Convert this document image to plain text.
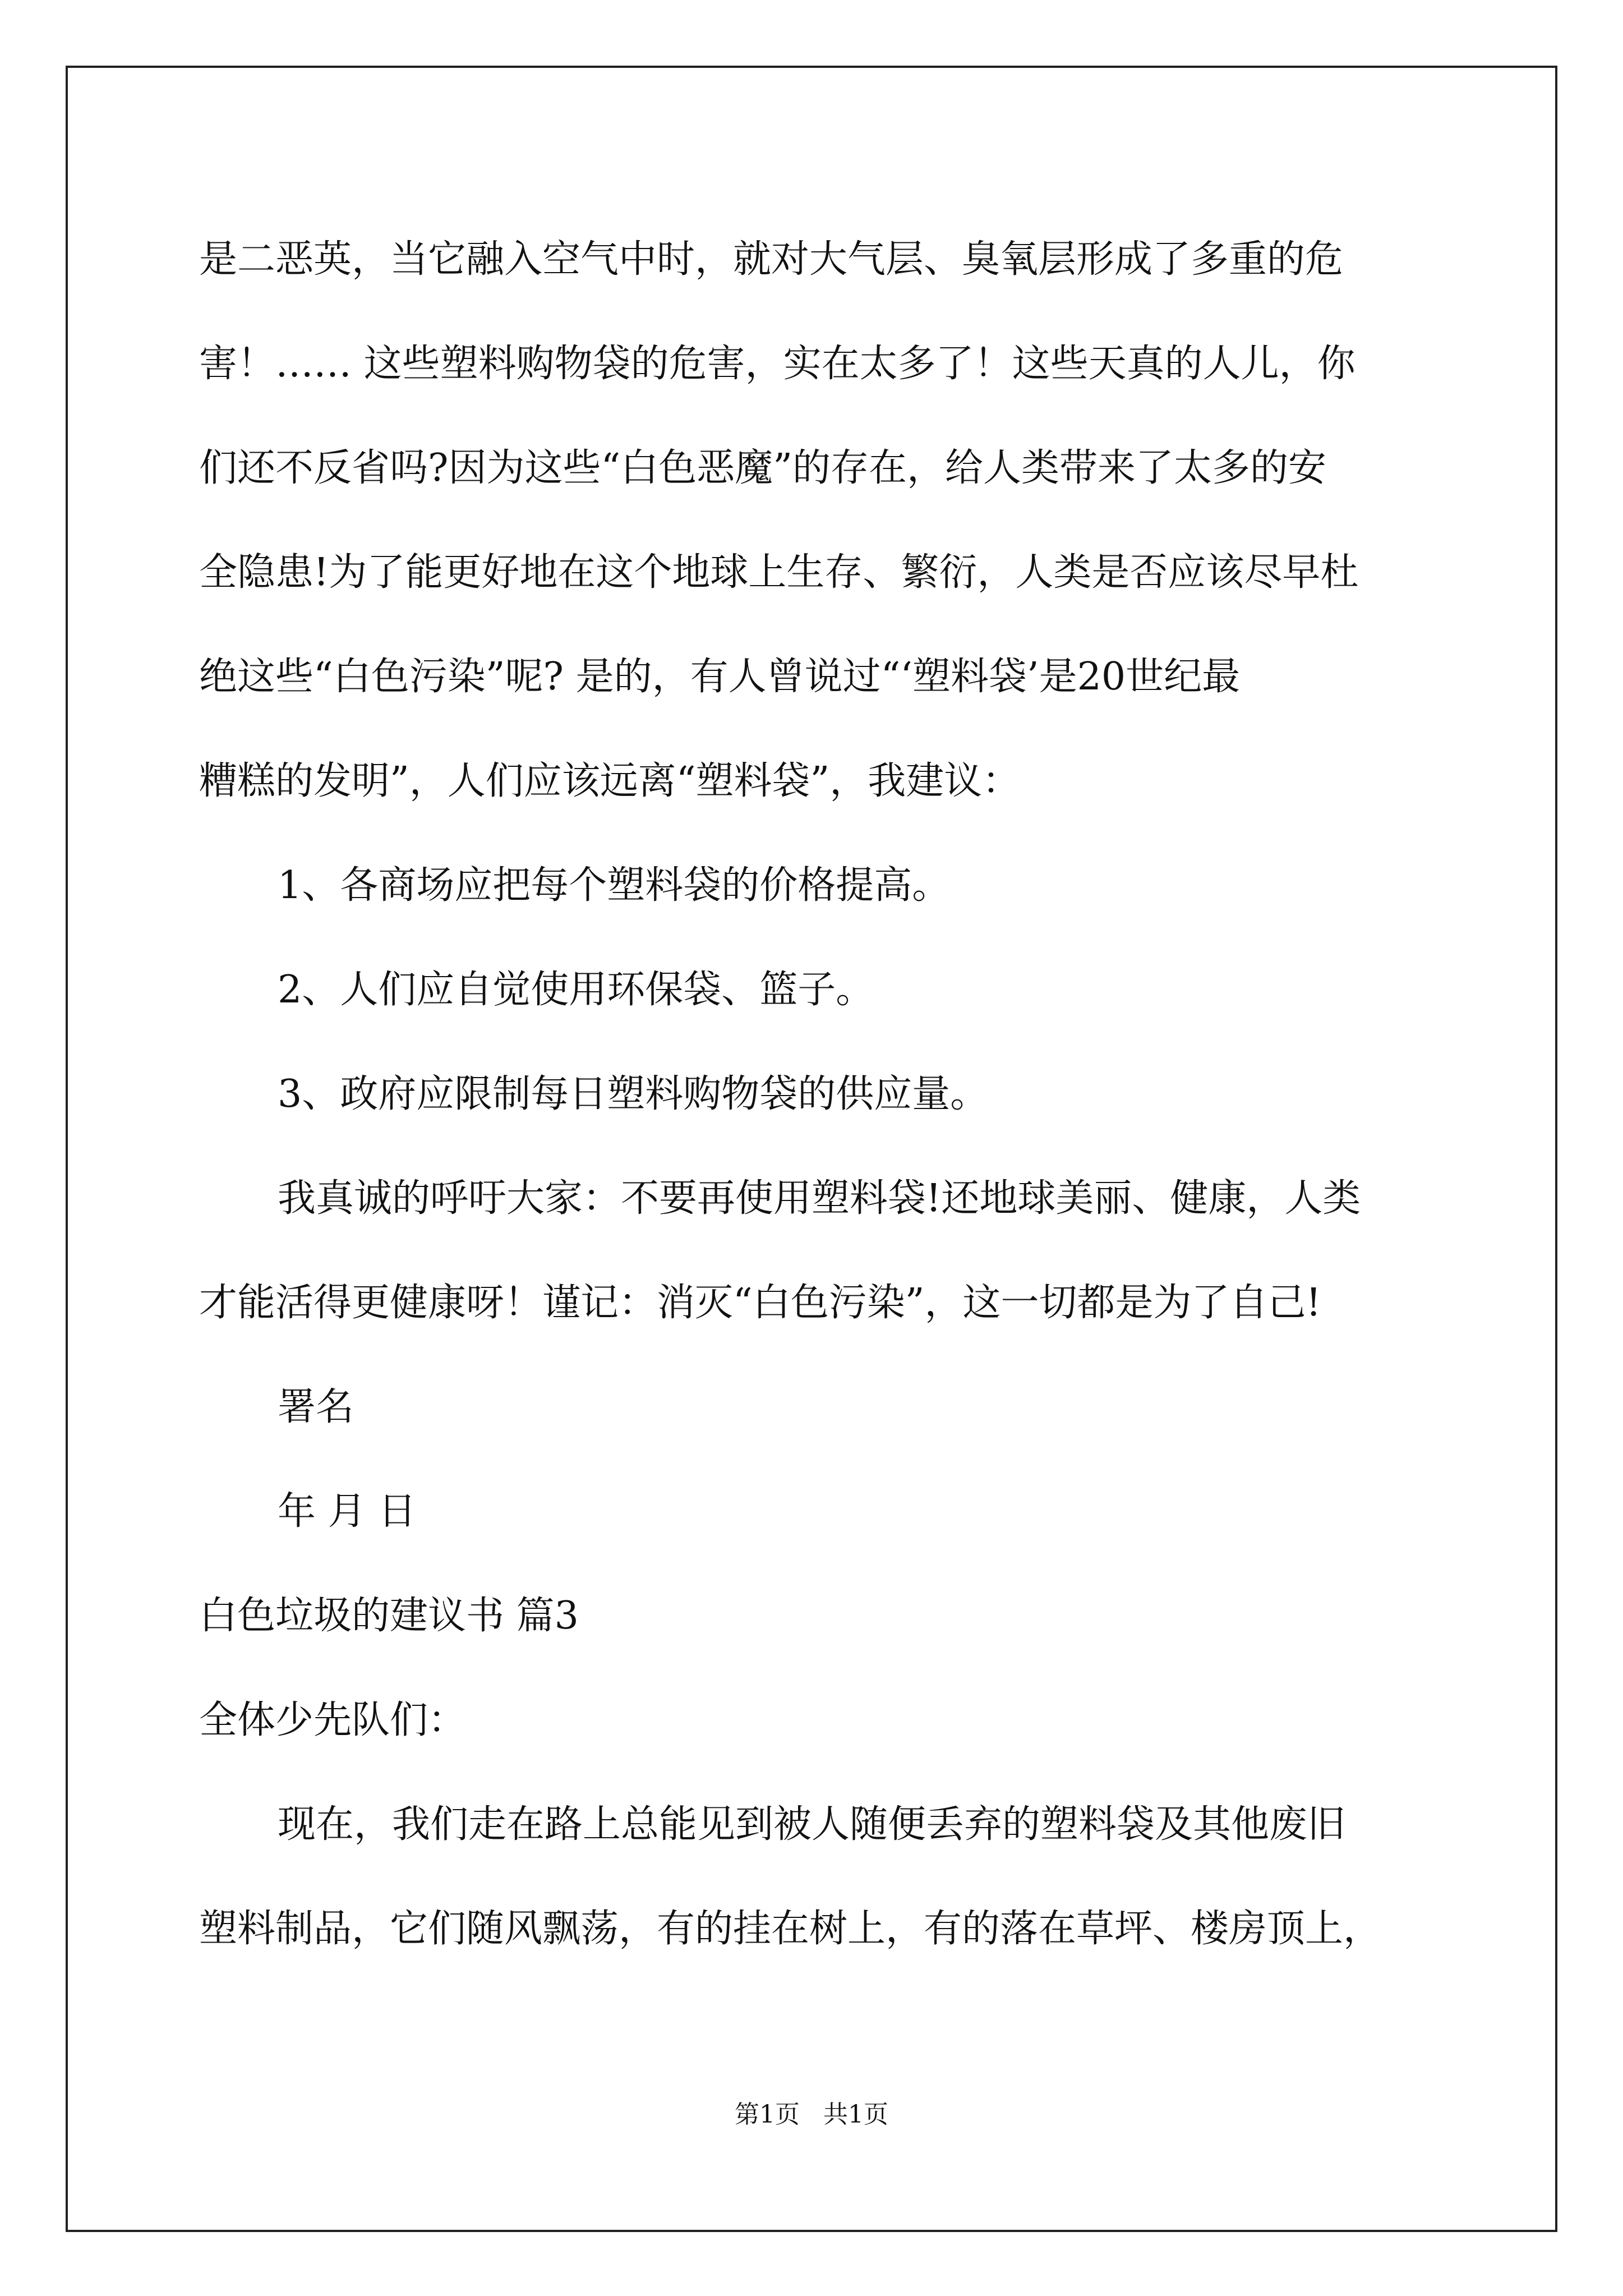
是二恶英，当它融入空气中时，就对大气层、臭氧层形成了多重的危
害！…… 这些塑料购物袋的危害，实在太多了！这些天真的人儿，你
们还不反省吗?因为这些“白色恶魔”的存在，给人类带来了太多的安
全隐患!为了能更好地在这个地球上生存、繁衍，人类是否应该尽早杜
绝这些“白色污染”呢? 是的，有人曾说过“‘塑料袋’是20世纪最
糟糕的发明”，人们应该远离“塑料袋”，我建议：
1、各商场应把每个塑料袋的价格提高。
2、人们应自觉使用环保袋、篮子。
3、政府应限制每日塑料购物袋的供应量。
我真诚的呼吁大家：不要再使用塑料袋!还地球美丽、健康，人类
才能活得更健康呀！谨记：消灭“白色污染”，这一切都是为了自己!
署名
年 月 日
白色垃圾的建议书 篇3
全体少先队们：
现在，我们走在路上总能见到被人随便丢弃的塑料袋及其他废旧
塑料制品，它们随风飘荡，有的挂在树上，有的落在草坪、楼房顶上，
第1页   共1页
